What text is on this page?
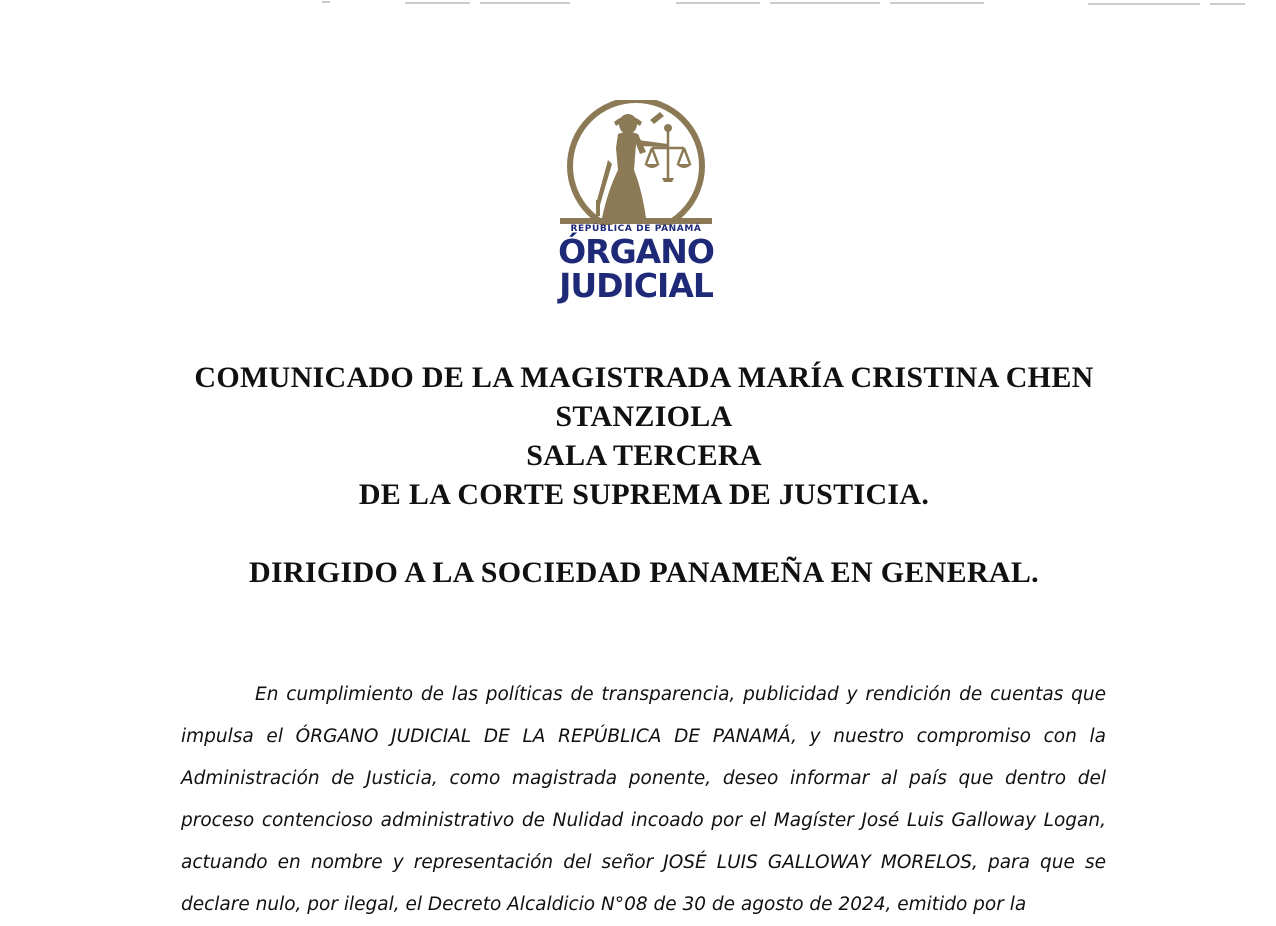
REPÚBLICA DE PANAMÁ
ÓRGANO
JUDICIAL
COMUNICADO DE LA MAGISTRADA MARÍA CRISTINA CHEN
STANZIOLA
SALA TERCERA
DE LA CORTE SUPREMA DE JUSTICIA.
DIRIGIDO A LA SOCIEDAD PANAMEÑA EN GENERAL.

En cumplimiento de las políticas de transparencia, publicidad y rendición de cuentas que impulsa el ÓRGANO JUDICIAL DE LA REPÚBLICA DE PANAMÁ, y nuestro compromiso con la Administración de Justicia, como magistrada ponente, deseo informar al país que dentro del proceso contencioso administrativo de Nulidad incoado por el Magíster José Luis Galloway Logan, actuando en nombre y representación del señor JOSÉ LUIS GALLOWAY MORELOS, para que se declare nulo, por ilegal, el Decreto Alcaldicio N°08 de 30 de agosto de 2024, emitido por la
